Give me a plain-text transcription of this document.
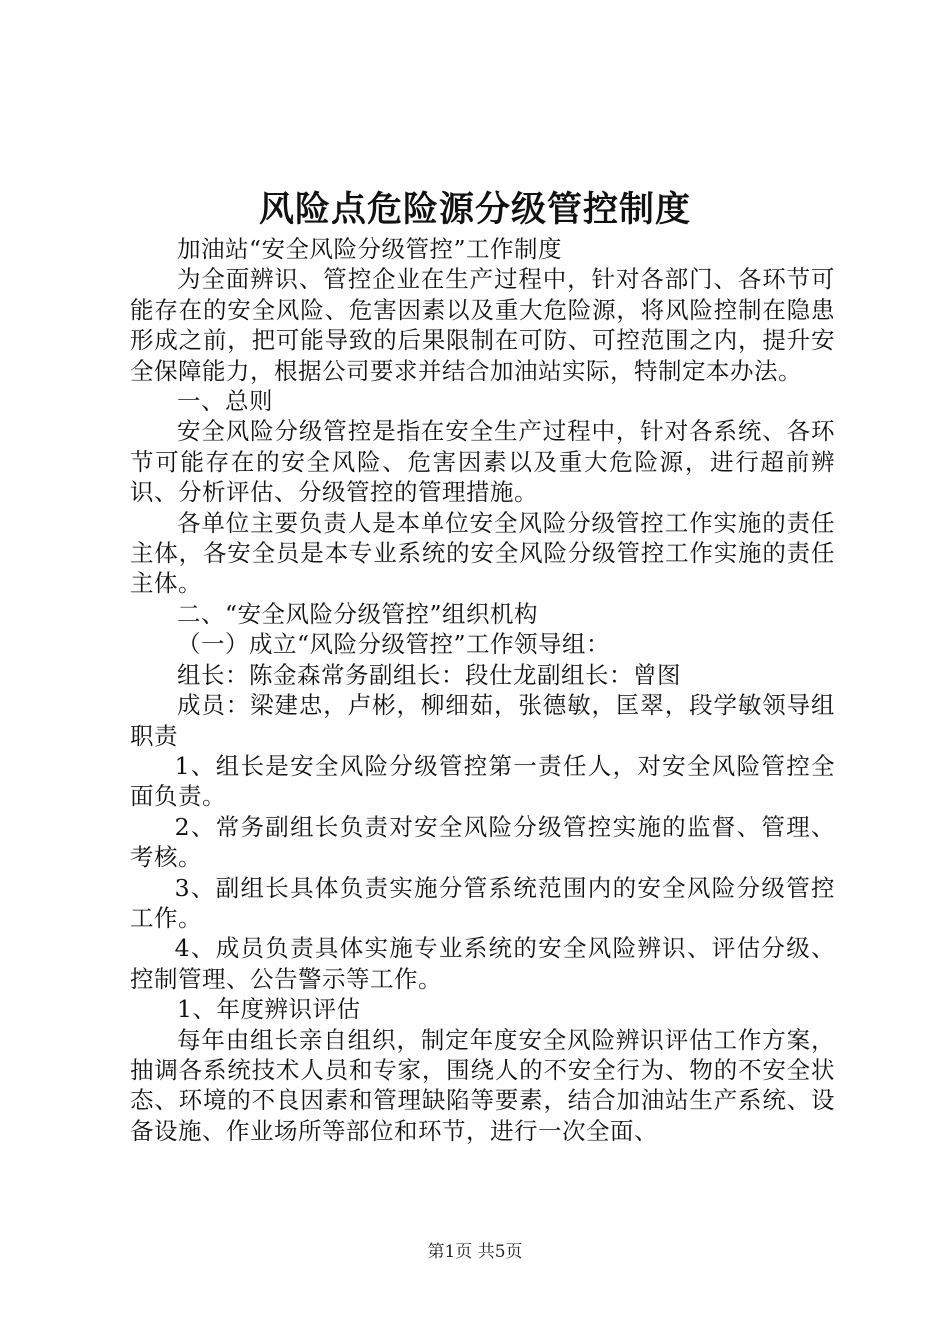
风险点危险源分级管控制度

加油站“安全风险分级管控”工作制度

为全面辨识、管控企业在生产过程中，针对各部门、各环节可能存在的安全风险、危害因素以及重大危险源，将风险控制在隐患形成之前，把可能导致的后果限制在可防、可控范围之内，提升安全保障能力，根据公司要求并结合加油站实际，特制定本办法。

一、总则

安全风险分级管控是指在安全生产过程中，针对各系统、各环节可能存在的安全风险、危害因素以及重大危险源，进行超前辨识、分析评估、分级管控的管理措施。

各单位主要负责人是本单位安全风险分级管控工作实施的责任主体，各安全员是本专业系统的安全风险分级管控工作实施的责任主体。

二、“安全风险分级管控”组织机构

（一）成立“风险分级管控”工作领导组：

组长：陈金森常务副组长：段仕龙副组长：曾图

成员：梁建忠，卢彬，柳细茹，张德敏，匡翠，段学敏领导组职责

1、组长是安全风险分级管控第一责任人，对安全风险管控全面负责。

2、常务副组长负责对安全风险分级管控实施的监督、管理、考核。

3、副组长具体负责实施分管系统范围内的安全风险分级管控工作。

4、成员负责具体实施专业系统的安全风险辨识、评估分级、控制管理、公告警示等工作。

1、年度辨识评估

每年由组长亲自组织，制定年度安全风险辨识评估工作方案，抽调各系统技术人员和专家，围绕人的不安全行为、物的不安全状态、环境的不良因素和管理缺陷等要素，结合加油站生产系统、设备设施、作业场所等部位和环节，进行一次全面、

第1页 共5页
